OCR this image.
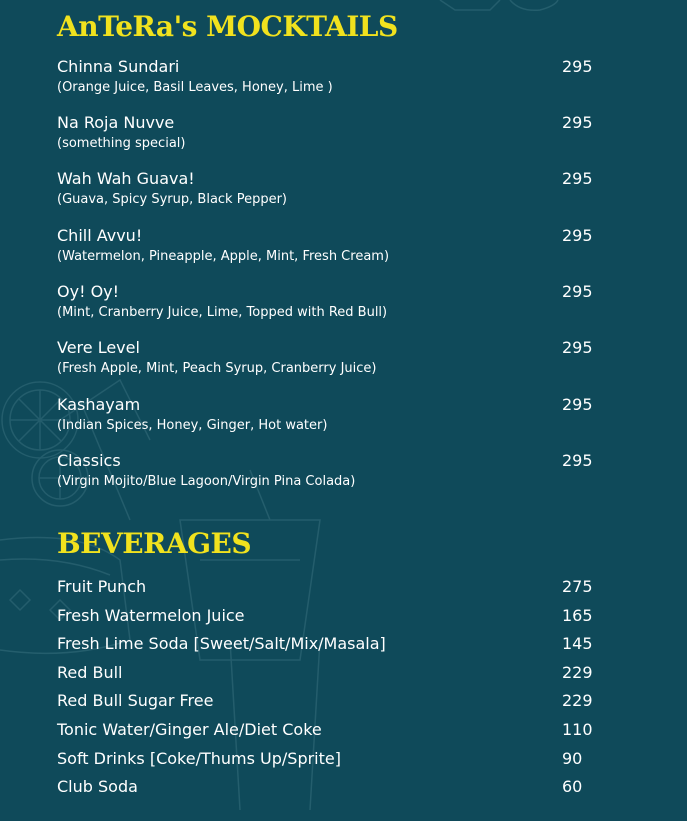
AnTeRa's MOCKTAILS
Chinna Sundari
(Orange Juice, Basil Leaves, Honey, Lime )
295
Na Roja Nuvve
(something special)
295
Wah Wah Guava!
(Guava, Spicy Syrup, Black Pepper)
295
Chill Avvu!
(Watermelon, Pineapple, Apple, Mint, Fresh Cream)
295
Oy! Oy!
(Mint, Cranberry Juice, Lime, Topped with Red Bull)
295
Vere Level
(Fresh Apple, Mint, Peach Syrup, Cranberry Juice)
295
Kashayam
(Indian Spices, Honey, Ginger, Hot water)
295
Classics
(Virgin Mojito/Blue Lagoon/Virgin Pina Colada)
295
BEVERAGES
Fruit Punch	275
Fresh Watermelon Juice	165
Fresh Lime Soda [Sweet/Salt/Mix/Masala]	145
Red Bull	229
Red Bull Sugar Free	229
Tonic Water/Ginger Ale/Diet Coke	110
Soft Drinks [Coke/Thums Up/Sprite]	90
Club Soda	60
